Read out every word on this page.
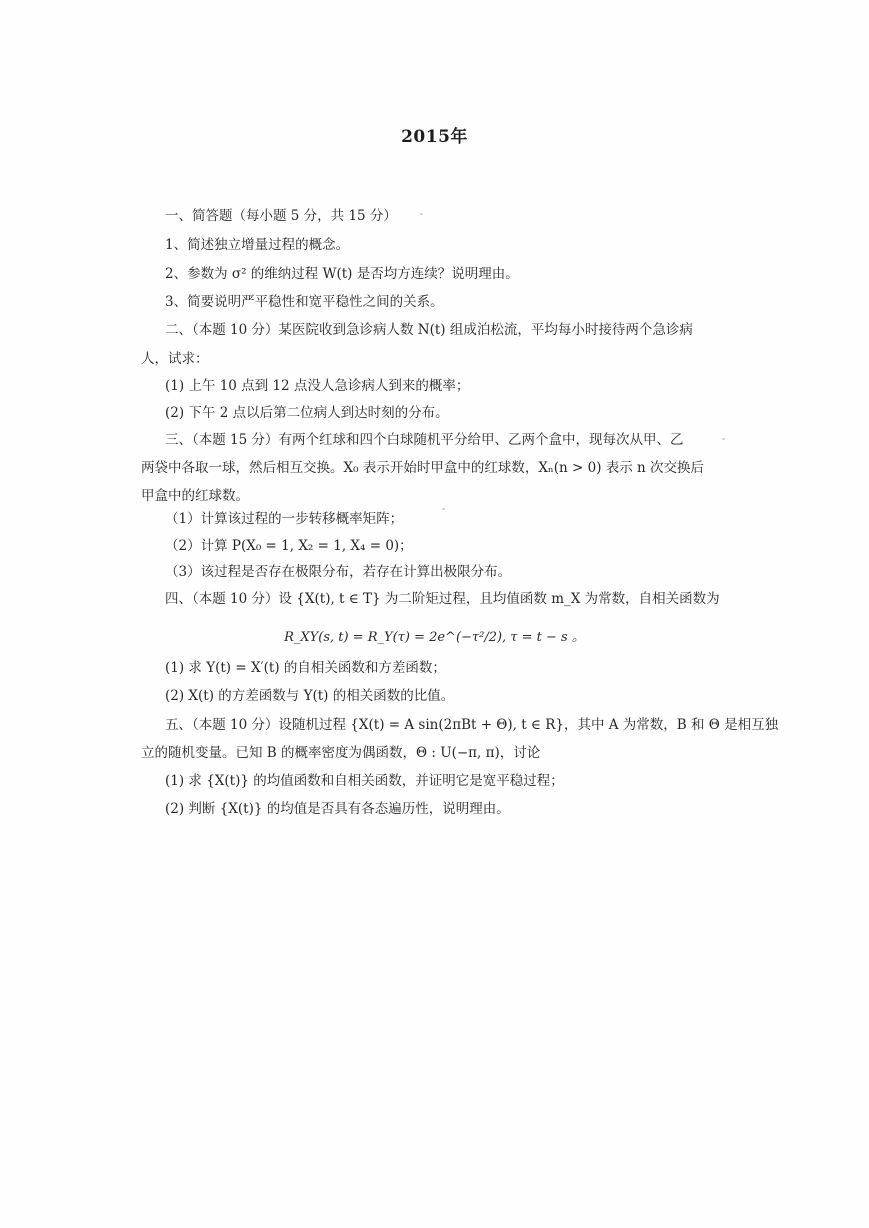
2015年
一、简答题（每小题 5 分，共 15 分）
1、简述独立增量过程的概念。
2、参数为 σ² 的维纳过程 W(t) 是否均方连续？说明理由。
3、简要说明严平稳性和宽平稳性之间的关系。
二、（本题 10 分）某医院收到急诊病人数 N(t) 组成泊松流，平均每小时接待两个急诊病
人，试求：
(1) 上午 10 点到 12 点没人急诊病人到来的概率；
(2) 下午 2 点以后第二位病人到达时刻的分布。
三、（本题 15 分）有两个红球和四个白球随机平分给甲、乙两个盒中，现每次从甲、乙
两袋中各取一球，然后相互交换。X₀ 表示开始时甲盒中的红球数，Xₙ(n > 0) 表示 n 次交换后
甲盒中的红球数。
（1）计算该过程的一步转移概率矩阵；
（2）计算 P(X₀ = 1, X₂ = 1, X₄ = 0)；
（3）该过程是否存在极限分布，若存在计算出极限分布。
四、（本题 10 分）设 {X(t), t ∈ T} 为二阶矩过程，且均值函数 m_X 为常数，自相关函数为
R_XY(s, t) = R_Y(τ) = 2e^(−τ²/2), τ = t − s 。
(1) 求 Y(t) = X′(t) 的自相关函数和方差函数；
(2) X(t) 的方差函数与 Y(t) 的相关函数的比值。
五、（本题 10 分）设随机过程 {X(t) = A sin(2πBt + Θ), t ∈ R}，其中 A 为常数，B 和 Θ 是相互独
立的随机变量。已知 B 的概率密度为偶函数，Θ : U(−π, π)，讨论
(1) 求 {X(t)} 的均值函数和自相关函数，并证明它是宽平稳过程；
(2) 判断 {X(t)} 的均值是否具有各态遍历性，说明理由。
